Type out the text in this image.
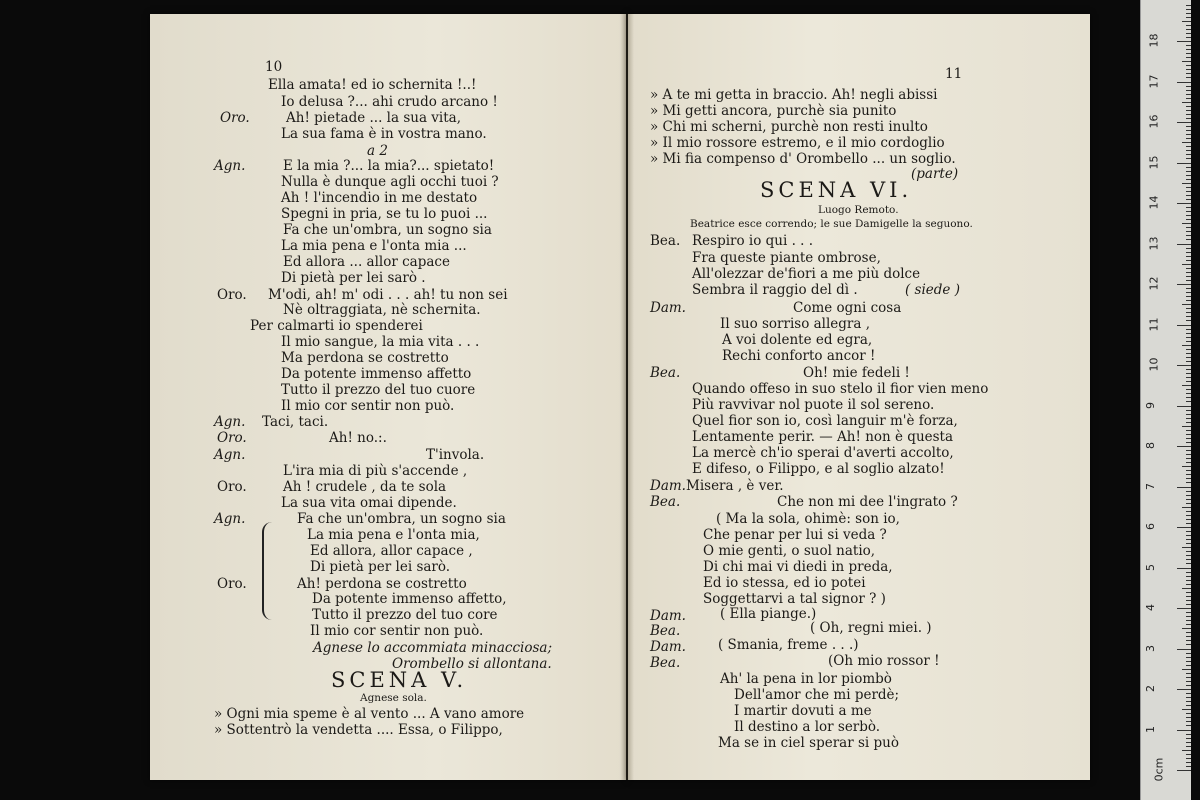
10
Ella amata! ed io schernita !..!
Io delusa ?... ahi crudo arcano !
Oro.	Ah! pietade ... la sua vita,
La sua fama è in vostra mano.
a 2
Agn.	E la mia ?... la mia?... spietato!
Nulla è dunque agli occhi tuoi ?
Ah ! l'incendio in me destato
Spegni in pria, se tu lo puoi ...
Fa che un'ombra, un sogno sia
La mia pena e l'onta mia ...
Ed allora ... allor capace
Di pietà per lei sarò .
Oro. M'odi, ah! m' odi . . . ah! tu non sei
Nè oltraggiata, nè schernita.
Per calmarti io spenderei
Il mio sangue, la mia vita . . .
Ma perdona se costretto
Da potente immenso affetto
Tutto il prezzo del tuo cuore
Il mio cor sentir non può.
Agn. Taci, taci.
Oro.	Ah! no.:.
Agn.	T'invola.
L'ira mia di più s'accende ,
Oro.	Ah ! crudele , da te sola
La sua vita omai dipende.
Agn.	Fa che un'ombra, un sogno sia
La mia pena e l'onta mia,
Ed allora, allor capace ,
Di pietà per lei sarò.
Oro.	Ah! perdona se costretto
Da potente immenso affetto,
Tutto il prezzo del tuo core
Il mio cor sentir non può.
Agnese lo accommiata minacciosa;
Orombello si allontana.
SCENA V.
Agnese sola.
» Ogni mia speme è al vento ... A vano amore
» Sottentrò la vendetta .... Essa, o Filippo,
11
» A te mi getta in braccio. Ah! negli abissi
» Mi getti ancora, purchè sia punito
» Chi mi scherni, purchè non resti inulto
» Il mio rossore estremo, e il mio cordoglio
» Mi fia compenso d' Orombello ... un soglio.
(parte)
SCENA VI.
Luogo Remoto.
Beatrice esce correndo; le sue Damigelle la seguono.
Bea. Respiro io qui . . .
Fra queste piante ombrose,
All'olezzar de'fiori a me più dolce
Sembra il raggio del dì .	( siede )
Dam.	Come ogni cosa
Il suo sorriso allegra ,
A voi dolente ed egra,
Rechi conforto ancor !
Bea.	Oh! mie fedeli !
Quando offeso in suo stelo il fior vien meno
Più ravvivar nol puote il sol sereno.
Quel fior son io, così languir m'è forza,
Lentamente perir. — Ah! non è questa
La mercè ch'io sperai d'averti accolto,
E difeso, o Filippo, e al soglio alzato!
Dam. Misera , è ver.
Bea.	Che non mi dee l'ingrato ?
( Ma la sola, ohimè: son io,
Che penar per lui si veda ?
O mie genti, o suol natio,
Di chi mai vi diedi in preda,
Ed io stessa, ed io potei
Soggettarvi a tal signor ? )
Dam.	( Ella piange.)
Bea.	( Oh, regni miei. )
Dam. ( Smania, freme . . .)
Bea.	(Oh mio rossor !
Ah' la pena in lor piombò
Dell'amor che mi perdè;
I martir dovuti a me
Il destino a lor serbò.
Ma se in ciel sperar si può
0cm
1
2
3
4
5
6
7
8
9
10
11
12
13
14
15
16
17
18
